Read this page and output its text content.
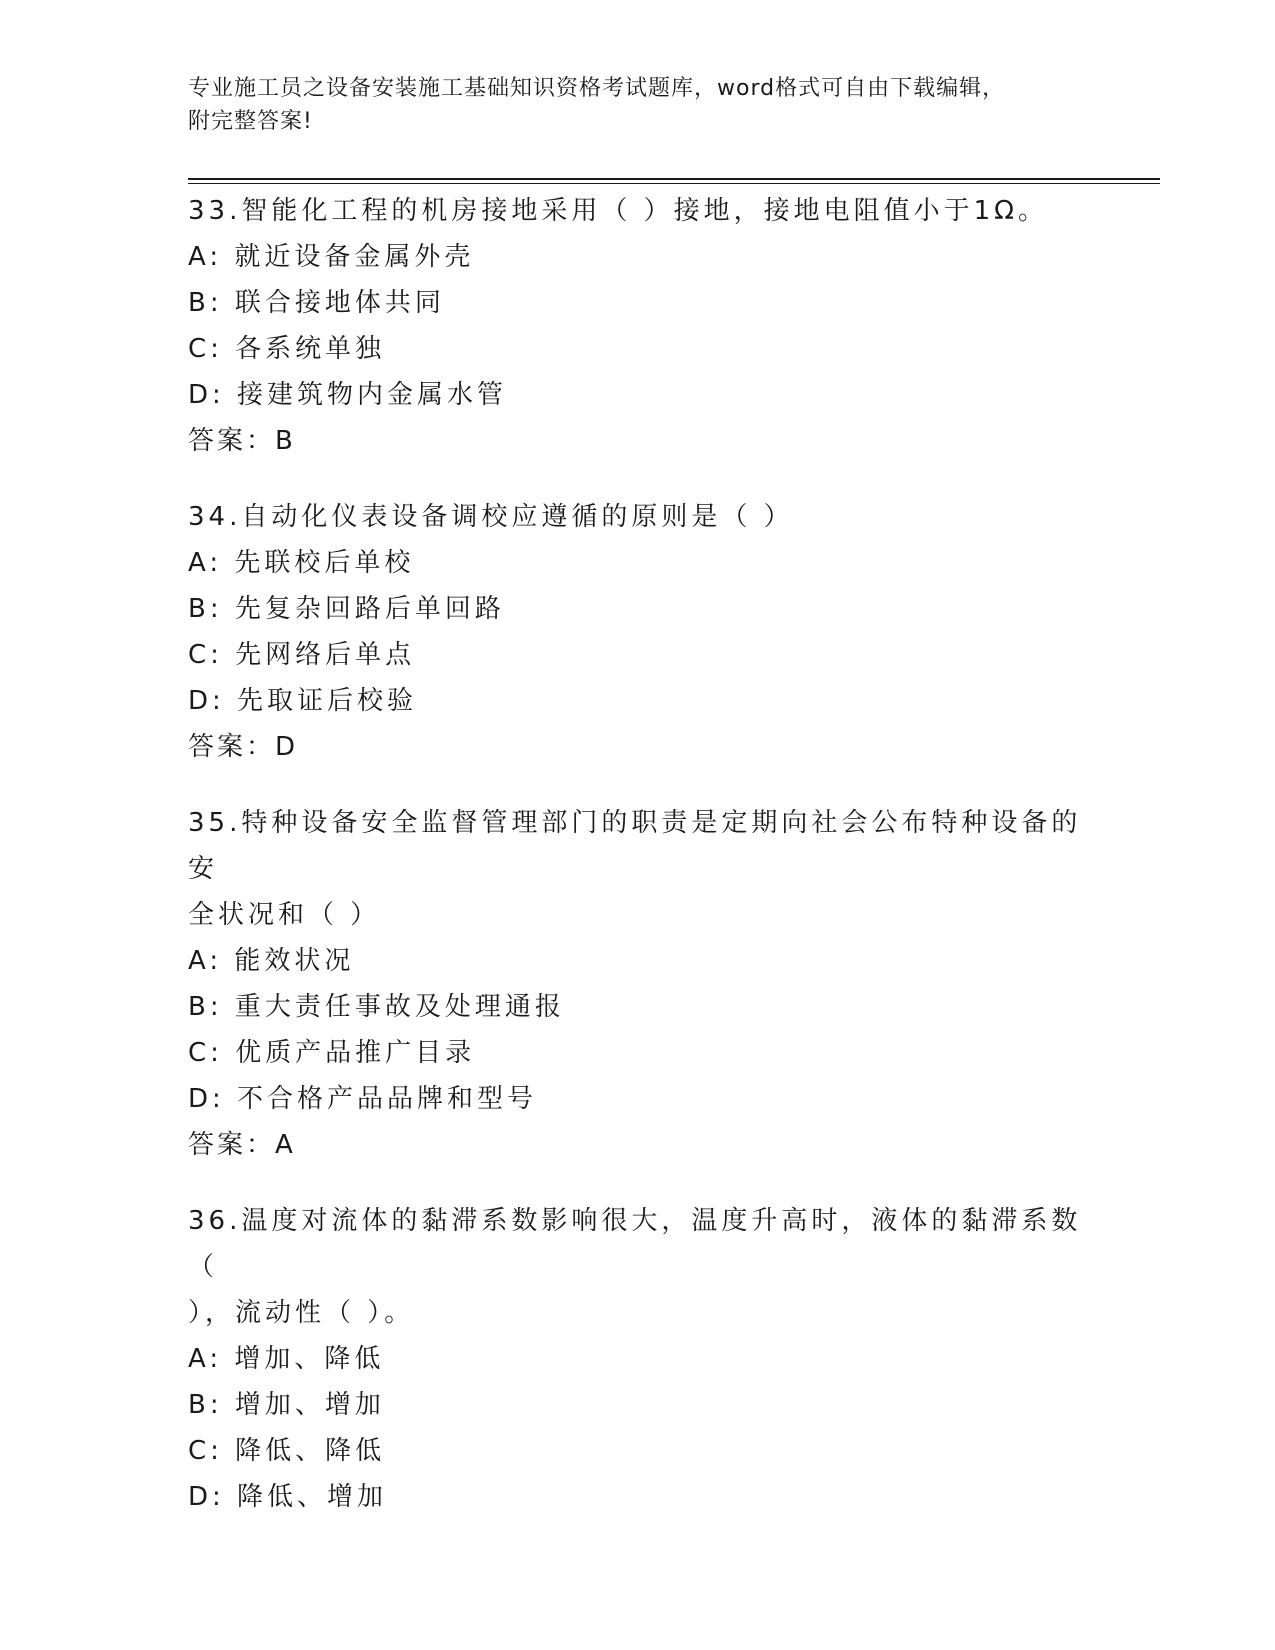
专业施工员之设备安装施工基础知识资格考试题库，word格式可自由下载编辑，
附完整答案!
33.智能化工程的机房接地采用（ ）接地，接地电阻值小于1Ω。
A: 就近设备金属外壳
B: 联合接地体共同
C: 各系统单独
D: 接建筑物内金属水管
答案：B
34.自动化仪表设备调校应遵循的原则是（ ）
A: 先联校后单校
B: 先复杂回路后单回路
C: 先网络后单点
D: 先取证后校验
答案：D
35.特种设备安全监督管理部门的职责是定期向社会公布特种设备的安
全状况和（ ）
A: 能效状况
B: 重大责任事故及处理通报
C: 优质产品推广目录
D: 不合格产品品牌和型号
答案：A
36.温度对流体的黏滞系数影响很大，温度升高时，液体的黏滞系数（
），流动性（ ）。
A: 增加、降低
B: 增加、增加
C: 降低、降低
D: 降低、增加
